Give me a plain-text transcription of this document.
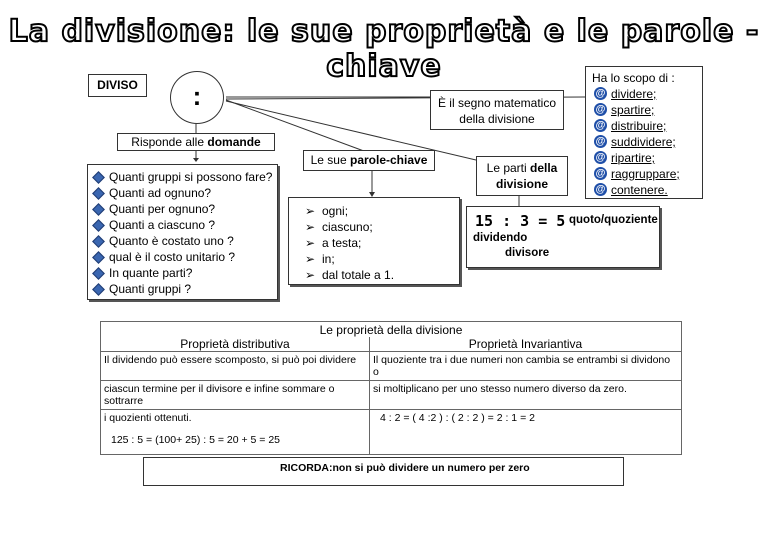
La divisione: le sue proprietà e le parole - chiave
DIVISO	:	È il segno matematico
della divisione
Ha lo scopo di :
@ dividere;
@ spartire;
@ distribuire;
@ suddividere;
@ ripartire;
@ raggruppare;
@ contenere.
Risponde alle domande
Quanti gruppi si possono fare?
Quanti ad ognuno?
Quanti per ognuno?
Quanti a ciascuno ?
Quanto è costato uno ?
qual è il costo unitario ?
In quante parti?
Quanti gruppi ?
Le sue parole-chiave
➢ ogni;
➢ ciascuno;
➢ a testa;
➢ in;
➢ dal totale a 1.
Le parti della
divisione
15 : 3 = 5 quoto/quoziente
dividendo
divisore
Le proprietà della divisione	
Proprietà distributiva	Proprietà Invariantiva
Il dividendo può essere scomposto, si può poi dividere	Il quoziente tra i due numeri non cambia se entrambi si dividono o
ciascun termine per il divisore e infine sommare o sottrarre	si moltiplicano per uno stesso numero diverso da zero.
i quozienti ottenuti.	4 : 2 = ( 4 :2 ) : ( 2 : 2 ) = 2 : 1 = 2
125 : 5 = (100+ 25) : 5 = 20 + 5 = 25	
RICORDA:non si può dividere un numero per zero
